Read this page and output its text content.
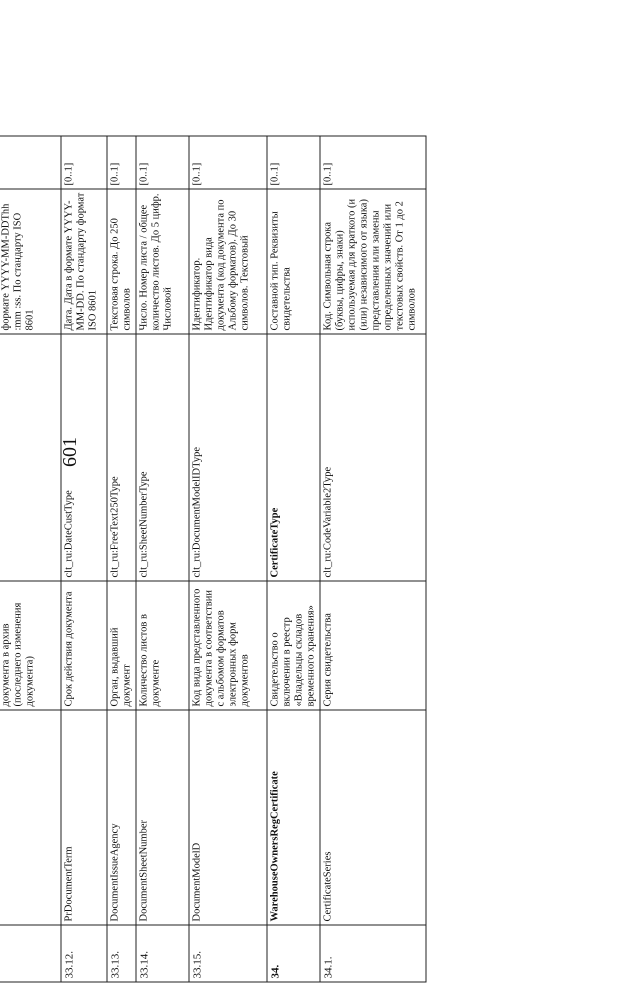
601

		документа в архив (последнего изменения документа)		формате YYYY-MM-DDThh :mm :ss. По стандарту ISO 8601	
33.12.	PrDocumentTerm	Срок действия документа	clt_ru:DateCustType	Дата. Дата в формате YYYY-MM-DD. По стандарту формат ISO 8601	[0..1]
33.13.	DocumentIssueAgency	Орган, выдавший документ	clt_ru:FreeText250Type	Текстовая строка. До 250 символов	[0..1]
33.14.	DocumentSheetNumber	Количество листов в документе	clt_ru:SheetNumberType	Число. Номер листа / общее количество листов. До 5 цифр. Числовой	[0..1]
33.15.	DocumentModelD	Код вида представленного документа в соответствии с альбомом форматов электронных форм документов	clt_ru:DocumentModelIDType	Идентификатор. Идентификатор вида документа (код документа по Альбому форматов). До 30 символов. Текстовый	[0..1]
34.	WarehouseOwnersRegCertificate	Свидетельство о включении в реестр «Владельцы складов временного хранения»	CertificateType	Составной тип. Реквизиты свидетельства	[0..1]
34.1.	CertificateSeries	Серия свидетельства	clt_ru:CodeVariable2Type	Код. Символьная строка (буквы, цифры, знаки) используемая для краткого (и (или) независимого от языка) представления или замены определенных значений или текстовых свойств. От 1 до 2 символов	[0..1]
